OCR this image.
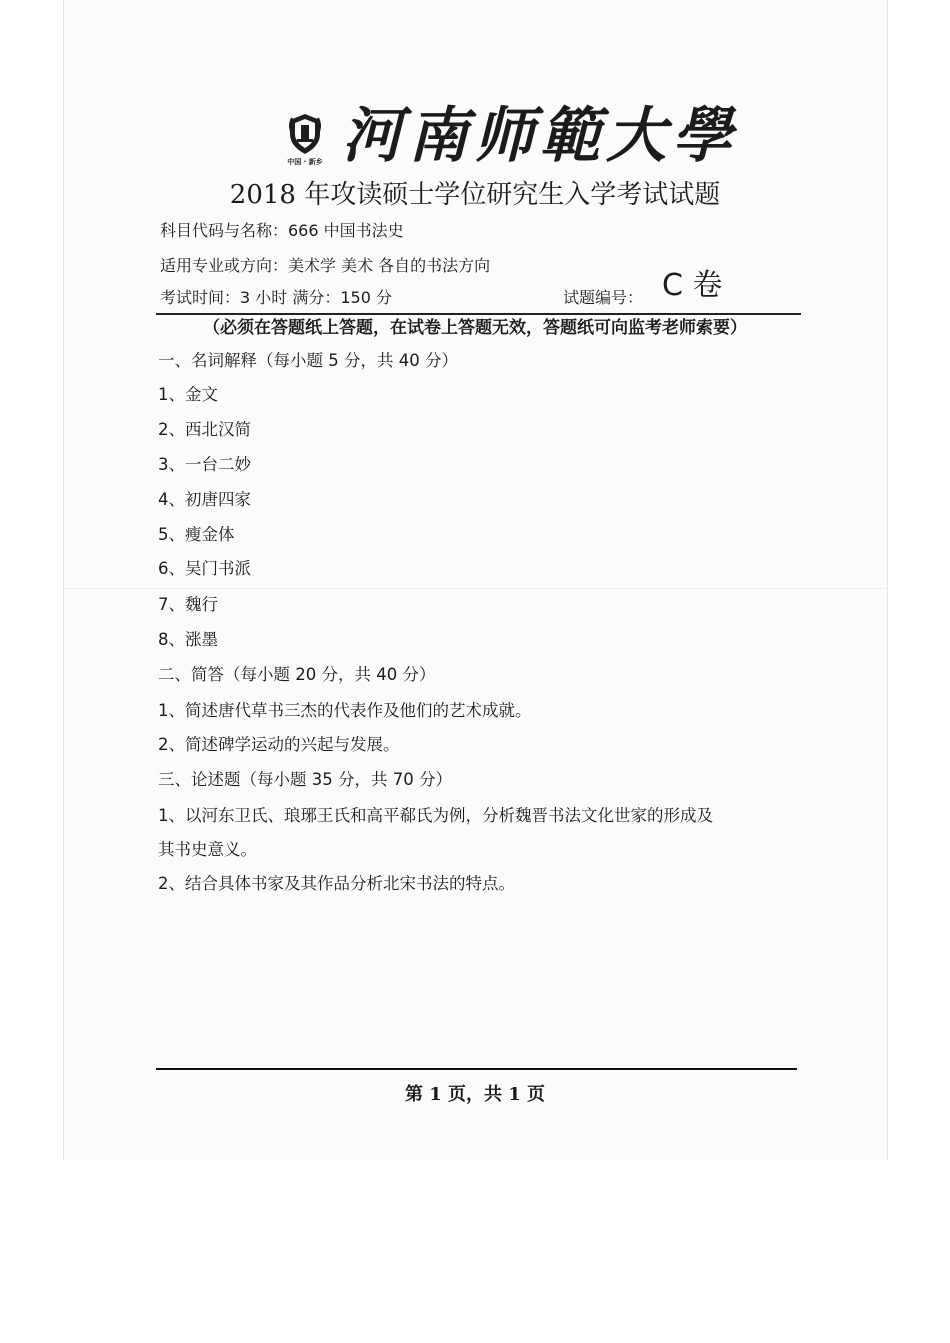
中国 · 新乡 河南师範大學
2018 年攻读硕士学位研究生入学考试试题
科目代码与名称：666 中国书法史
适用专业或方向：美术学 美术 各自的书法方向
考试时间：3 小时 满分：150 分	试题编号： C 卷
（必须在答题纸上答题，在试卷上答题无效，答题纸可向监考老师索要）
一、名词解释（每小题 5 分，共 40 分）
1、金文
2、西北汉简
3、一台二妙
4、初唐四家
5、瘦金体
6、吴门书派
7、魏行
8、涨墨
二、简答（每小题 20 分，共 40 分）
1、简述唐代草书三杰的代表作及他们的艺术成就。
2、简述碑学运动的兴起与发展。
三、论述题（每小题 35 分，共 70 分）
1、以河东卫氏、琅琊王氏和高平郗氏为例，分析魏晋书法文化世家的形成及
其书史意义。
2、结合具体书家及其作品分析北宋书法的特点。
第 1 页，共 1 页
